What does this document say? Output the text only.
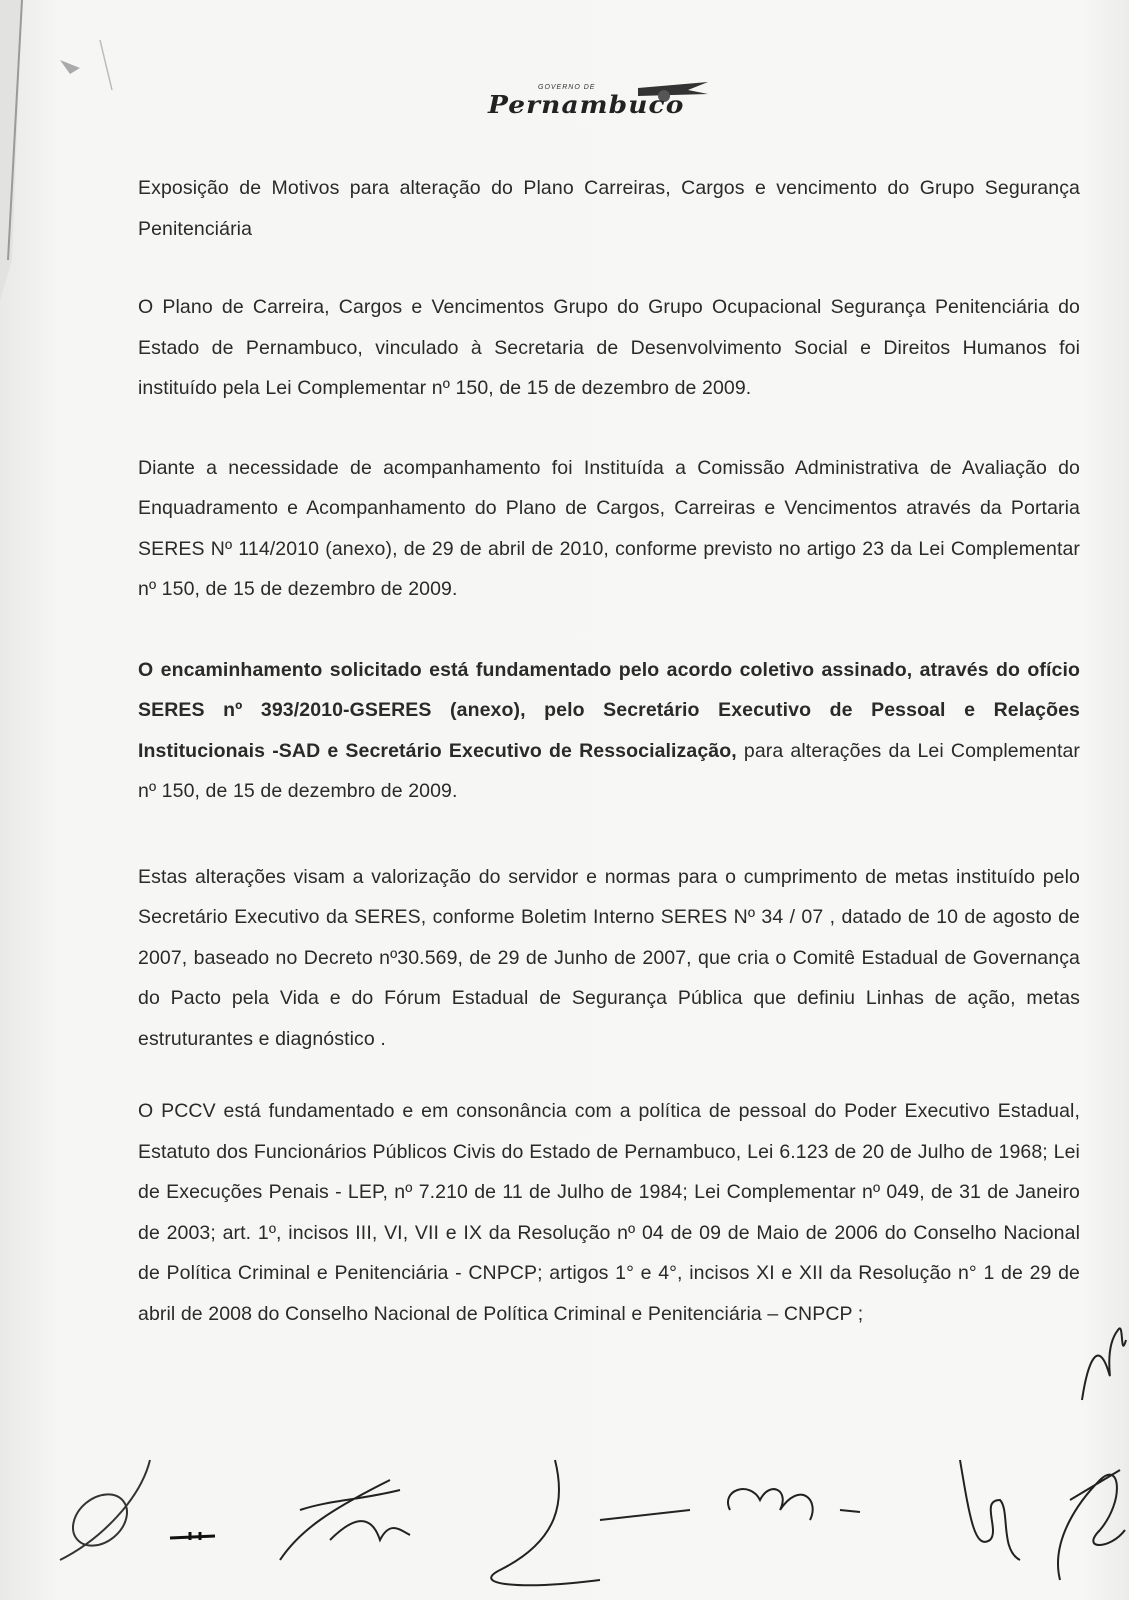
GOVERNO DE
Pernambuco

Exposição de Motivos para alteração do Plano Carreiras, Cargos e vencimento do Grupo Segurança Penitenciária

O Plano de Carreira, Cargos e Vencimentos Grupo do Grupo Ocupacional Segurança Penitenciária do Estado de Pernambuco, vinculado à Secretaria de Desenvolvimento Social e Direitos Humanos foi instituído pela Lei Complementar nº 150, de 15 de dezembro de 2009.

Diante a necessidade de acompanhamento foi Instituída a Comissão Administrativa de Avaliação do Enquadramento e Acompanhamento do Plano de Cargos, Carreiras e Vencimentos através da Portaria SERES Nº 114/2010 (anexo), de 29 de abril de 2010, conforme previsto no artigo 23 da Lei Complementar nº 150, de 15 de dezembro de 2009.

O encaminhamento solicitado está fundamentado pelo acordo coletivo assinado, através do ofício SERES nº 393/2010-GSERES (anexo), pelo Secretário Executivo de Pessoal e Relações Institucionais -SAD e Secretário Executivo de Ressocialização, para alterações da Lei Complementar nº 150, de 15 de dezembro de 2009.

Estas alterações visam a valorização do servidor e normas para o cumprimento de metas instituído pelo Secretário Executivo da SERES, conforme Boletim Interno SERES Nº 34 / 07 , datado de 10 de agosto de 2007, baseado no Decreto nº30.569, de 29 de Junho de 2007, que cria o Comitê Estadual de Governança do Pacto pela Vida e do Fórum Estadual de Segurança Pública que definiu Linhas de ação, metas estruturantes e diagnóstico .

O PCCV está fundamentado e em consonância com a política de pessoal do Poder Executivo Estadual, Estatuto dos Funcionários Públicos Civis do Estado de Pernambuco, Lei 6.123 de 20 de Julho de 1968; Lei de Execuções Penais - LEP, nº 7.210 de 11 de Julho de 1984; Lei Complementar nº 049, de 31 de Janeiro de 2003; art. 1º, incisos III, VI, VII e IX da Resolução nº 04 de 09 de Maio de 2006 do Conselho Nacional de Política Criminal e Penitenciária - CNPCP; artigos 1° e 4°, incisos XI e XII da Resolução n° 1 de 29 de abril de 2008 do Conselho Nacional de Política Criminal e Penitenciária – CNPCP ;
